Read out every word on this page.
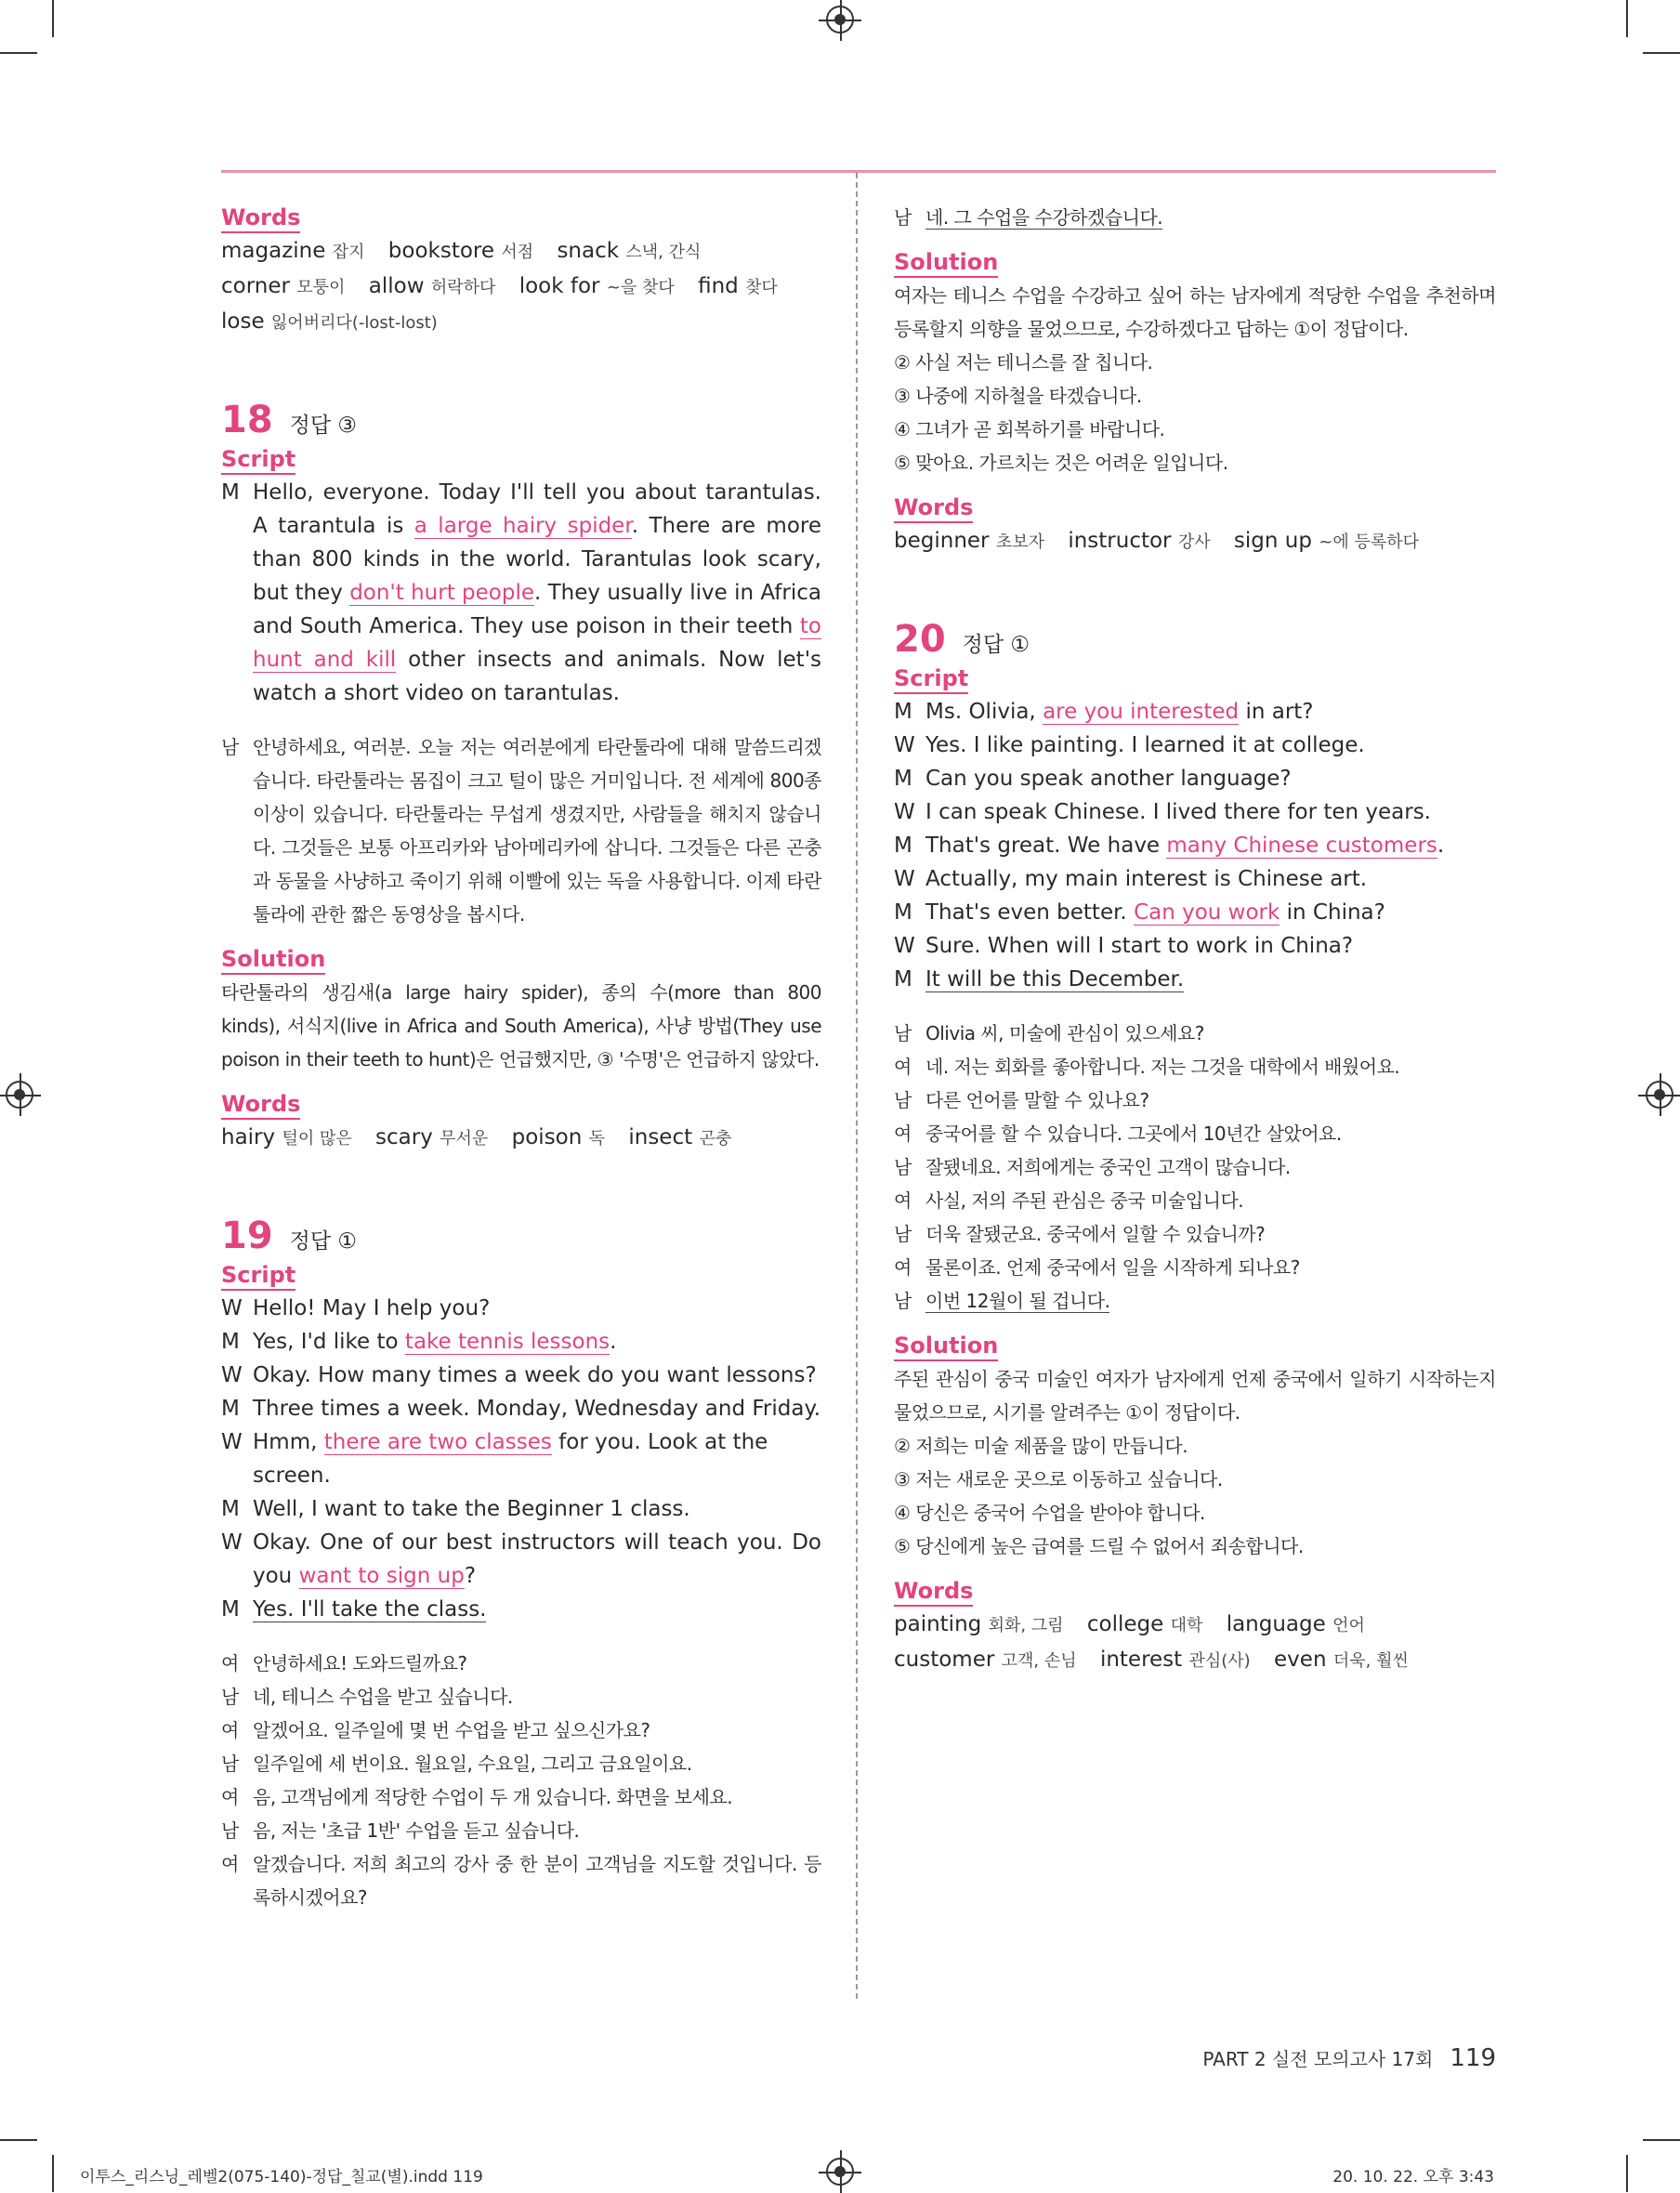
Words
magazine 잡지 bookstore 서점 snack 스낵, 간식
corner 모퉁이 allow 허락하다 look for ~을 찾다 find 찾다
lose 잃어버리다(-lost-lost)
18 정답 ③
Script
M Hello, everyone. Today I'll tell you about tarantulas. A tarantula is a large hairy spider. There are more than 800 kinds in the world. Tarantulas look scary, but they don't hurt people. They usually live in Africa and South America. They use poison in their teeth to hunt and kill other insects and animals. Now let's watch a short video on tarantulas.
남 안녕하세요, 여러분. 오늘 저는 여러분에게 타란툴라에 대해 말씀드리겠습니다. 타란툴라는 몸집이 크고 털이 많은 거미입니다. 전 세계에 800종 이상이 있습니다. 타란툴라는 무섭게 생겼지만, 사람들을 해치지 않습니다. 그것들은 보통 아프리카와 남아메리카에 삽니다. 그것들은 다른 곤충과 동물을 사냥하고 죽이기 위해 이빨에 있는 독을 사용합니다. 이제 타란툴라에 관한 짧은 동영상을 봅시다.
Solution
타란툴라의 생김새(a large hairy spider), 종의 수(more than 800 kinds), 서식지(live in Africa and South America), 사냥 방법(They use poison in their teeth to hunt)은 언급했지만, ③ '수명'은 언급하지 않았다.
Words
hairy 털이 많은 scary 무서운 poison 독 insect 곤충
19 정답 ①
Script
W Hello! May I help you?
M Yes, I'd like to take tennis lessons.
W Okay. How many times a week do you want lessons?
M Three times a week. Monday, Wednesday and Friday.
W Hmm, there are two classes for you. Look at the screen.
M Well, I want to take the Beginner 1 class.
W Okay. One of our best instructors will teach you. Do you want to sign up?
M Yes. I'll take the class.
여 안녕하세요! 도와드릴까요?
남 네, 테니스 수업을 받고 싶습니다.
여 알겠어요. 일주일에 몇 번 수업을 받고 싶으신가요?
남 일주일에 세 번이요. 월요일, 수요일, 그리고 금요일이요.
여 음, 고객님에게 적당한 수업이 두 개 있습니다. 화면을 보세요.
남 음, 저는 '초급 1반' 수업을 듣고 싶습니다.
여 알겠습니다. 저희 최고의 강사 중 한 분이 고객님을 지도할 것입니다. 등록하시겠어요?
남 네. 그 수업을 수강하겠습니다.
Solution
여자는 테니스 수업을 수강하고 싶어 하는 남자에게 적당한 수업을 추천하며 등록할지 의향을 물었으므로, 수강하겠다고 답하는 ①이 정답이다.
② 사실 저는 테니스를 잘 칩니다.
③ 나중에 지하철을 타겠습니다.
④ 그녀가 곧 회복하기를 바랍니다.
⑤ 맞아요. 가르치는 것은 어려운 일입니다.
Words
beginner 초보자 instructor 강사 sign up ~에 등록하다
20 정답 ①
Script
M Ms. Olivia, are you interested in art?
W Yes. I like painting. I learned it at college.
M Can you speak another language?
W I can speak Chinese. I lived there for ten years.
M That's great. We have many Chinese customers.
W Actually, my main interest is Chinese art.
M That's even better. Can you work in China?
W Sure. When will I start to work in China?
M It will be this December.
남 Olivia 씨, 미술에 관심이 있으세요?
여 네. 저는 회화를 좋아합니다. 저는 그것을 대학에서 배웠어요.
남 다른 언어를 말할 수 있나요?
여 중국어를 할 수 있습니다. 그곳에서 10년간 살았어요.
남 잘됐네요. 저희에게는 중국인 고객이 많습니다.
여 사실, 저의 주된 관심은 중국 미술입니다.
남 더욱 잘됐군요. 중국에서 일할 수 있습니까?
여 물론이죠. 언제 중국에서 일을 시작하게 되나요?
남 이번 12월이 될 겁니다.
Solution
주된 관심이 중국 미술인 여자가 남자에게 언제 중국에서 일하기 시작하는지 물었으므로, 시기를 알려주는 ①이 정답이다.
② 저희는 미술 제품을 많이 만듭니다.
③ 저는 새로운 곳으로 이동하고 싶습니다.
④ 당신은 중국어 수업을 받아야 합니다.
⑤ 당신에게 높은 급여를 드릴 수 없어서 죄송합니다.
Words
painting 회화, 그림 college 대학 language 언어
customer 고객, 손님 interest 관심(사) even 더욱, 훨씬
PART 2 실전 모의고사 17회 119
이투스_리스닝_레벨2(075-140)-정답_칠교(별).indd 119	20. 10. 22. 오후 3:43
